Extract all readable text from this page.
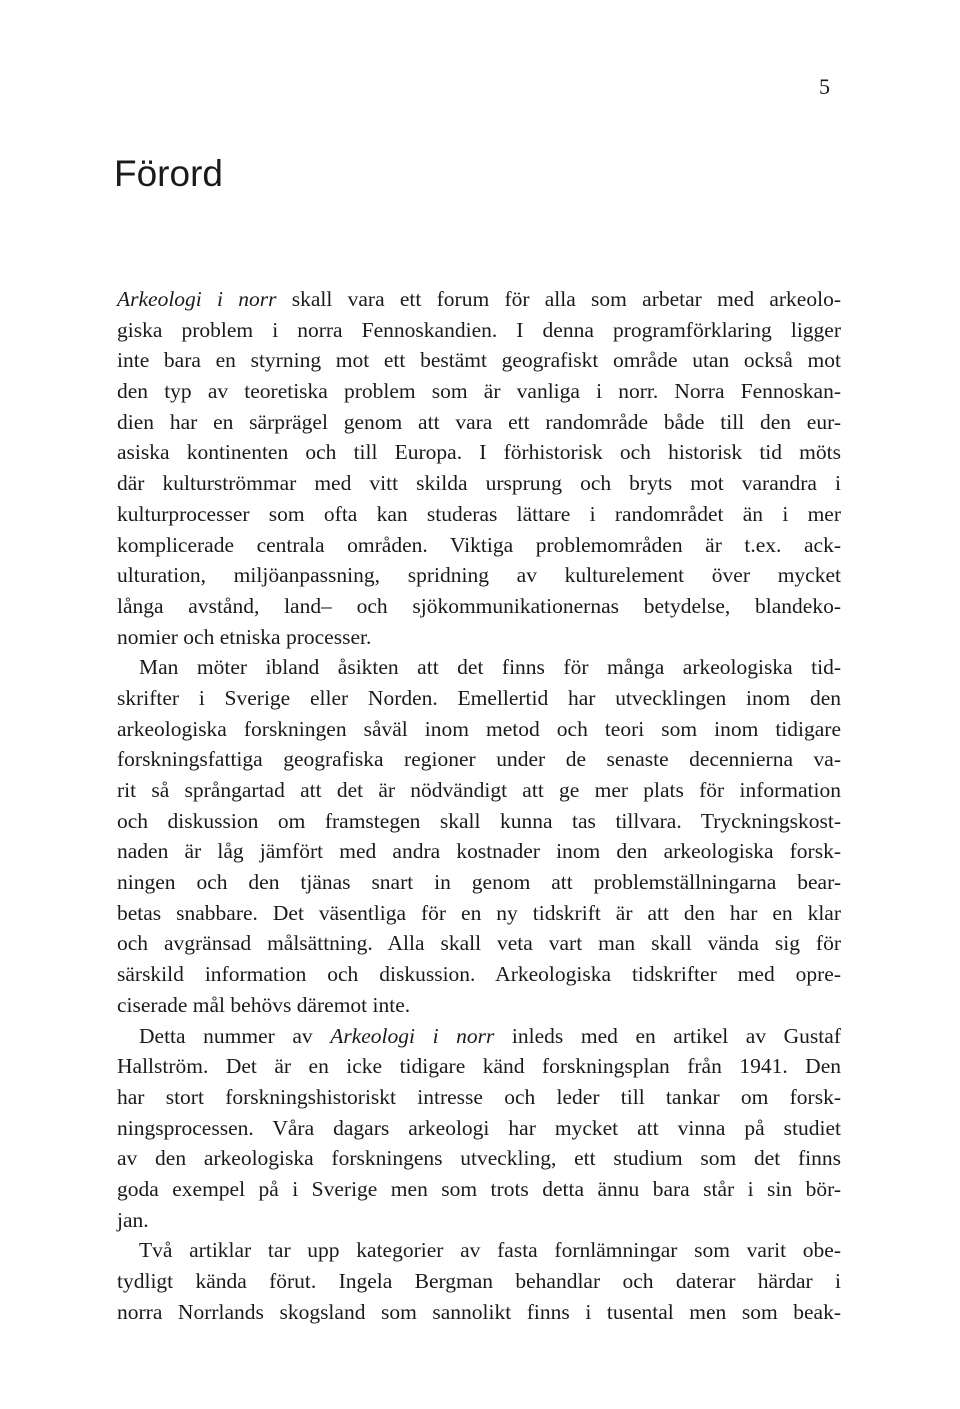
5
Förord
Arkeologi i norr skall vara ett forum för alla som arbetar med arkeolo-
giska problem i norra Fennoskandien. I denna programförklaring ligger
inte bara en styrning mot ett bestämt geografiskt område utan också mot
den typ av teoretiska problem som är vanliga i norr. Norra Fennoskan-
dien har en särprägel genom att vara ett randområde både till den eur-
asiska kontinenten och till Europa. I förhistorisk och historisk tid möts
där kulturströmmar med vitt skilda ursprung och bryts mot varandra i
kulturprocesser som ofta kan studeras lättare i randområdet än i mer
komplicerade centrala områden. Viktiga problemområden är t.ex. ack-
ulturation, miljöanpassning, spridning av kulturelement över mycket
långa avstånd, land– och sjökommunikationernas betydelse, blandeko-
nomier och etniska processer.
Man möter ibland åsikten att det finns för många arkeologiska tid-
skrifter i Sverige eller Norden. Emellertid har utvecklingen inom den
arkeologiska forskningen såväl inom metod och teori som inom tidigare
forskningsfattiga geografiska regioner under de senaste decennierna va-
rit så språngartad att det är nödvändigt att ge mer plats för information
och diskussion om framstegen skall kunna tas tillvara. Tryckningskost-
naden är låg jämfört med andra kostnader inom den arkeologiska forsk-
ningen och den tjänas snart in genom att problemställningarna bear-
betas snabbare. Det väsentliga för en ny tidskrift är att den har en klar
och avgränsad målsättning. Alla skall veta vart man skall vända sig för
särskild information och diskussion. Arkeologiska tidskrifter med opre-
ciserade mål behövs däremot inte.
Detta nummer av Arkeologi i norr inleds med en artikel av Gustaf
Hallström. Det är en icke tidigare känd forskningsplan från 1941. Den
har stort forskningshistoriskt intresse och leder till tankar om forsk-
ningsprocessen. Våra dagars arkeologi har mycket att vinna på studiet
av den arkeologiska forskningens utveckling, ett studium som det finns
goda exempel på i Sverige men som trots detta ännu bara står i sin bör-
jan.
Två artiklar tar upp kategorier av fasta fornlämningar som varit obe-
tydligt kända förut. Ingela Bergman behandlar och daterar härdar i
norra Norrlands skogsland som sannolikt finns i tusental men som beak-
